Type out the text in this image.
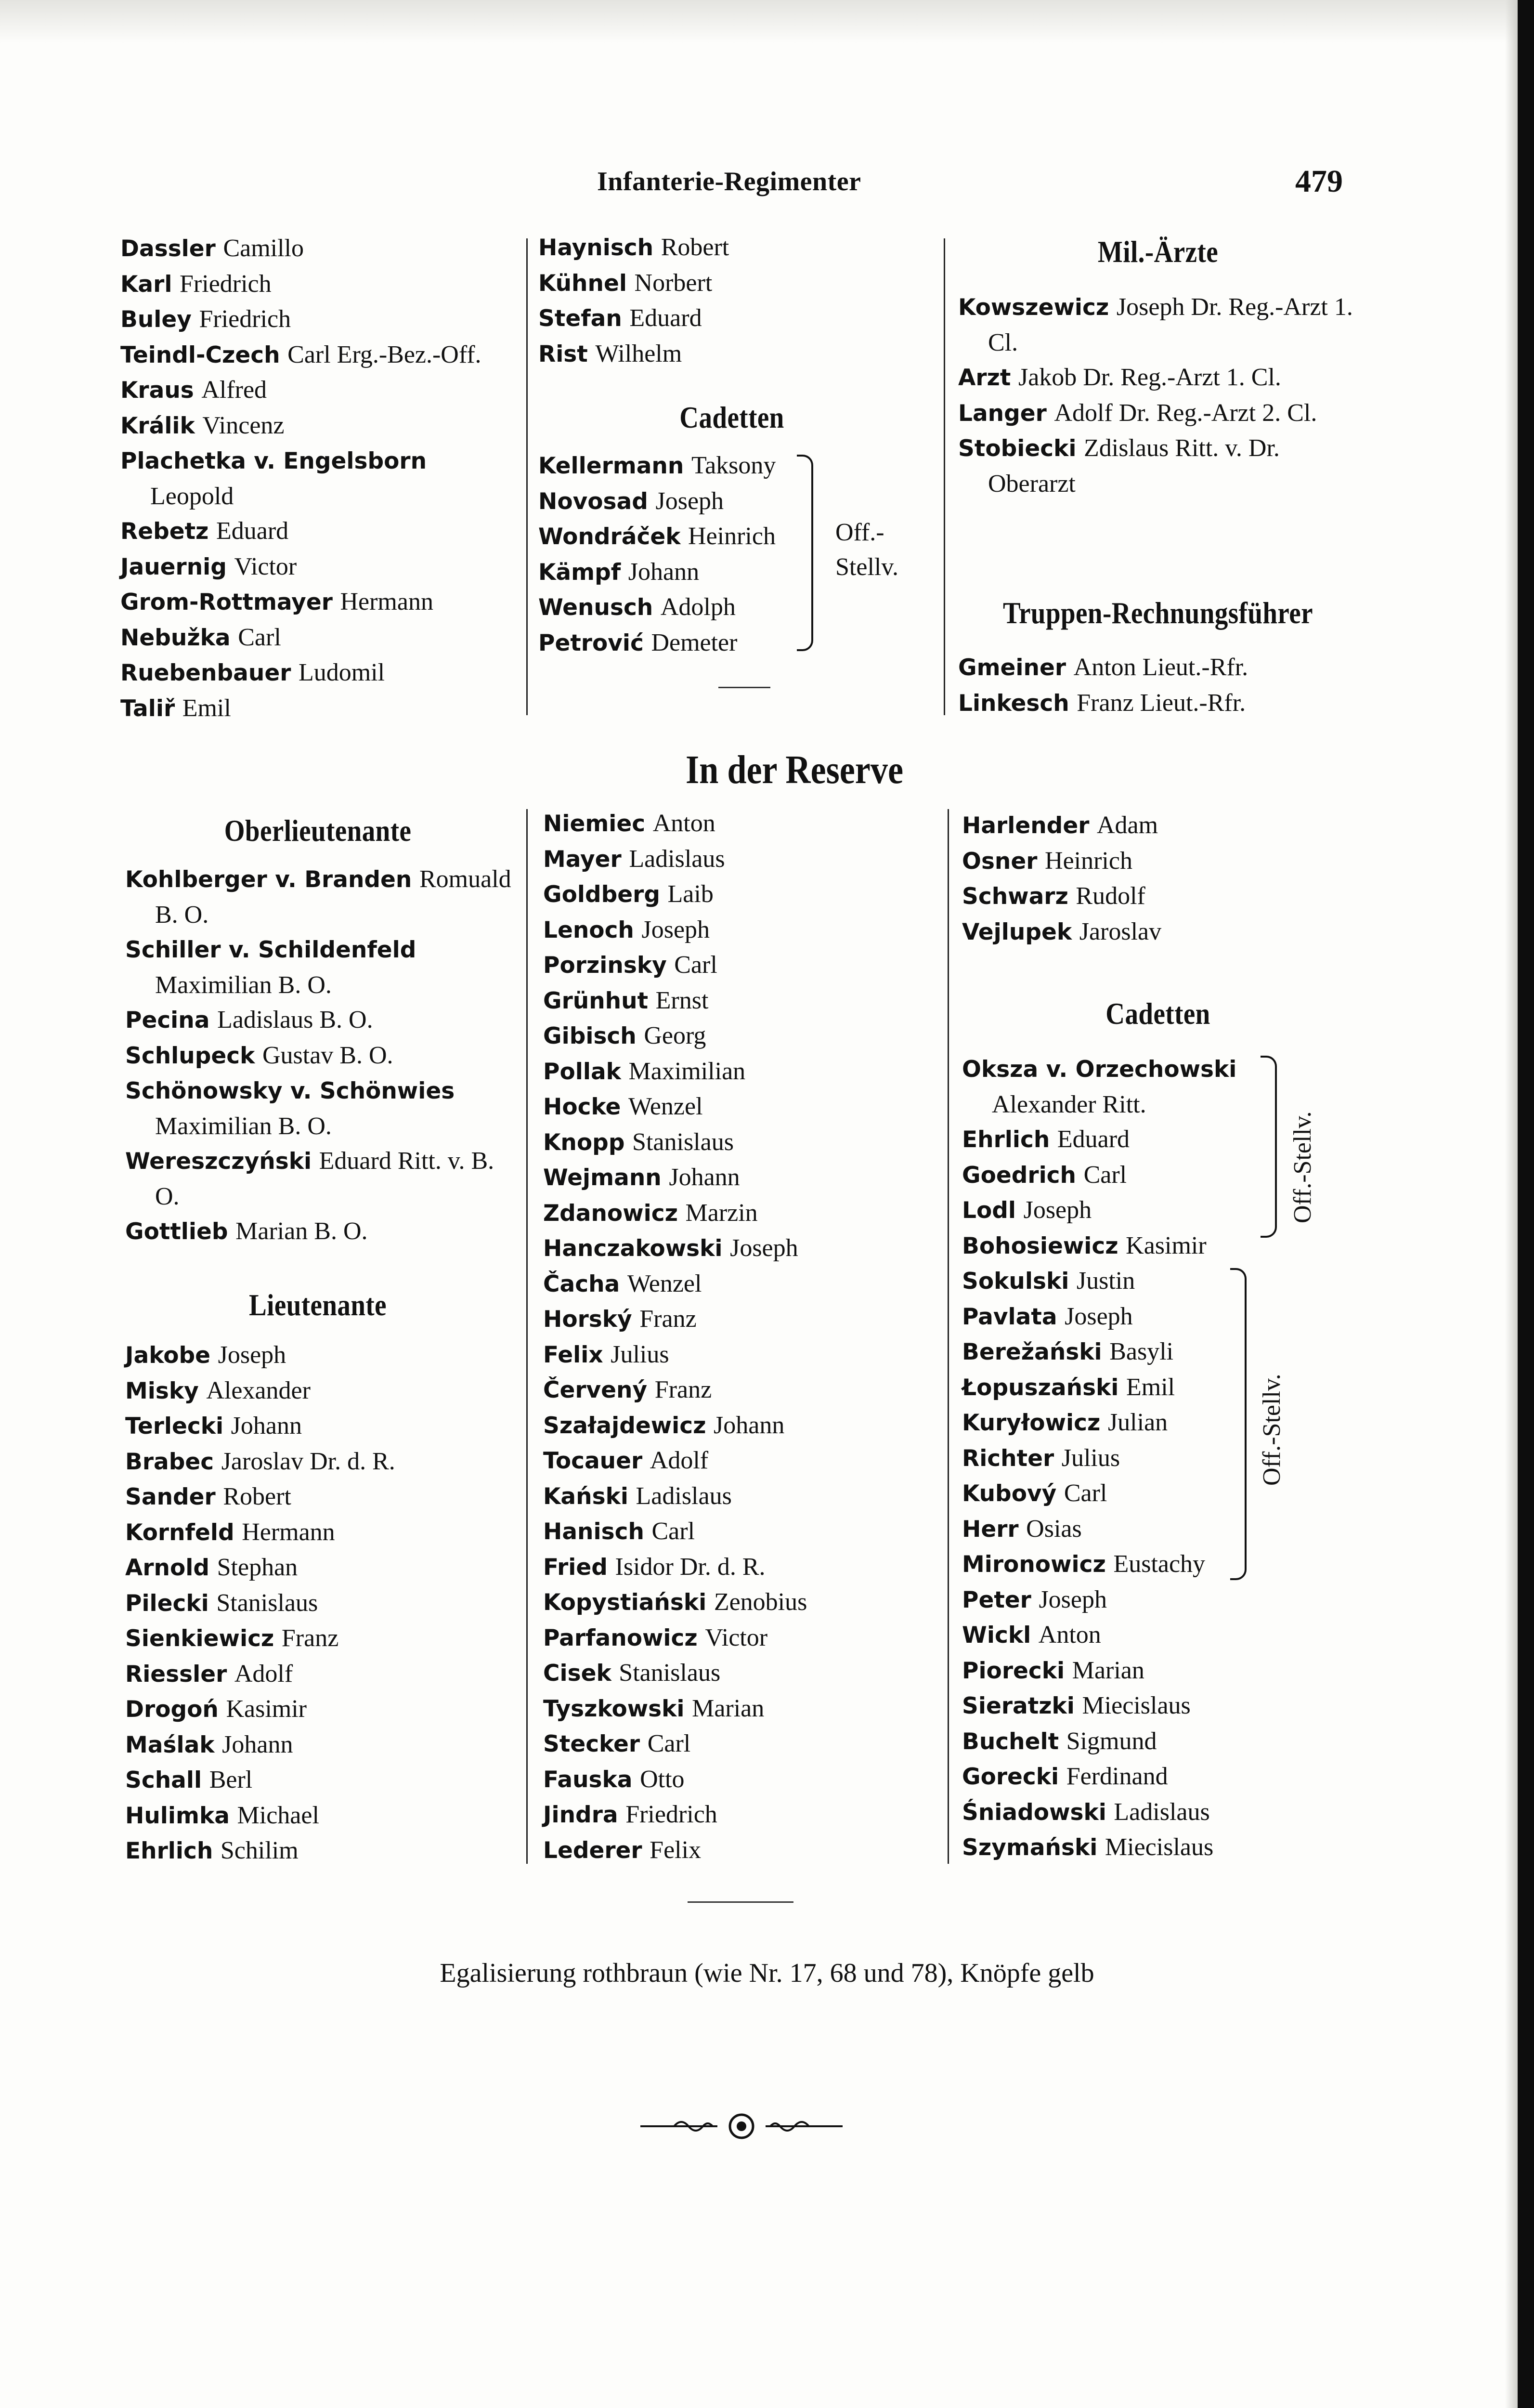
Infanterie-Regimenter	479
Dassler Camillo
Karl Friedrich
Buley Friedrich
Teindl-Czech Carl Erg.-Bez.-Off.
Kraus Alfred
Králik Vincenz
Plachetka v. Engelsborn Leopold
Rebetz Eduard
Jauernig Victor
Grom-Rottmayer Hermann
Nebužka Carl
Ruebenbauer Ludomil
Taliř Emil
Haynisch Robert
Kühnel Norbert
Stefan Eduard
Rist Wilhelm
Cadetten
Kellermann Taksony
Novosad Joseph
Wondráček Heinrich
Kämpf Johann
Wenusch Adolph
Petrović Demeter
Off.-Stellv.
Mil.-Ärzte
Kowszewicz Joseph Dr. Reg.-Arzt 1. Cl.
Arzt Jakob Dr. Reg.-Arzt 1. Cl.
Langer Adolf Dr. Reg.-Arzt 2. Cl.
Stobiecki Zdislaus Ritt. v. Dr. Oberarzt
Truppen-Rechnungsführer
Gmeiner Anton Lieut.-Rfr.
Linkesch Franz Lieut.-Rfr.
In der Reserve
Oberlieutenante
Kohlberger v. Branden Romuald B. O.
Schiller v. Schildenfeld Maximilian B. O.
Pecina Ladislaus B. O.
Schlupeck Gustav B. O.
Schönowsky v. Schönwies Maximilian B. O.
Wereszczyński Eduard Ritt. v. B. O.
Gottlieb Marian B. O.
Lieutenante
Jakobe Joseph
Misky Alexander
Terlecki Johann
Brabec Jaroslav Dr. d. R.
Sander Robert
Kornfeld Hermann
Arnold Stephan
Pilecki Stanislaus
Sienkiewicz Franz
Riessler Adolf
Drogoń Kasimir
Maślak Johann
Schall Berl
Hulimka Michael
Ehrlich Schilim
Niemiec Anton
Mayer Ladislaus
Goldberg Laib
Lenoch Joseph
Porzinsky Carl
Grünhut Ernst
Gibisch Georg
Pollak Maximilian
Hocke Wenzel
Knopp Stanislaus
Wejmann Johann
Zdanowicz Marzin
Hanczakowski Joseph
Čacha Wenzel
Horský Franz
Felix Julius
Červený Franz
Szałajdewicz Johann
Tocauer Adolf
Kański Ladislaus
Hanisch Carl
Fried Isidor Dr. d. R.
Kopystiański Zenobius
Parfanowicz Victor
Cisek Stanislaus
Tyszkowski Marian
Stecker Carl
Fauska Otto
Jindra Friedrich
Lederer Felix
Harlender Adam
Osner Heinrich
Schwarz Rudolf
Vejlupek Jaroslav
Cadetten
Oksza v. Orzechowski Alexander Ritt.
Ehrlich Eduard
Goedrich Carl
Lodl Joseph
Bohosiewicz Kasimir
Sokulski Justin
Pavlata Joseph
Berežański Basyli
Łopuszański Emil
Kuryłowicz Julian
Richter Julius
Kubový Carl
Herr Osias
Mironowicz Eustachy
Peter Joseph
Wickl Anton
Piorecki Marian
Sieratzki Miecislaus
Buchelt Sigmund
Gorecki Ferdinand
Śniadowski Ladislaus
Szymański Miecislaus
Off.-Stellv.
Off.-Stellv.
Egalisierung rothbraun (wie Nr. 17, 68 und 78), Knöpfe gelb
